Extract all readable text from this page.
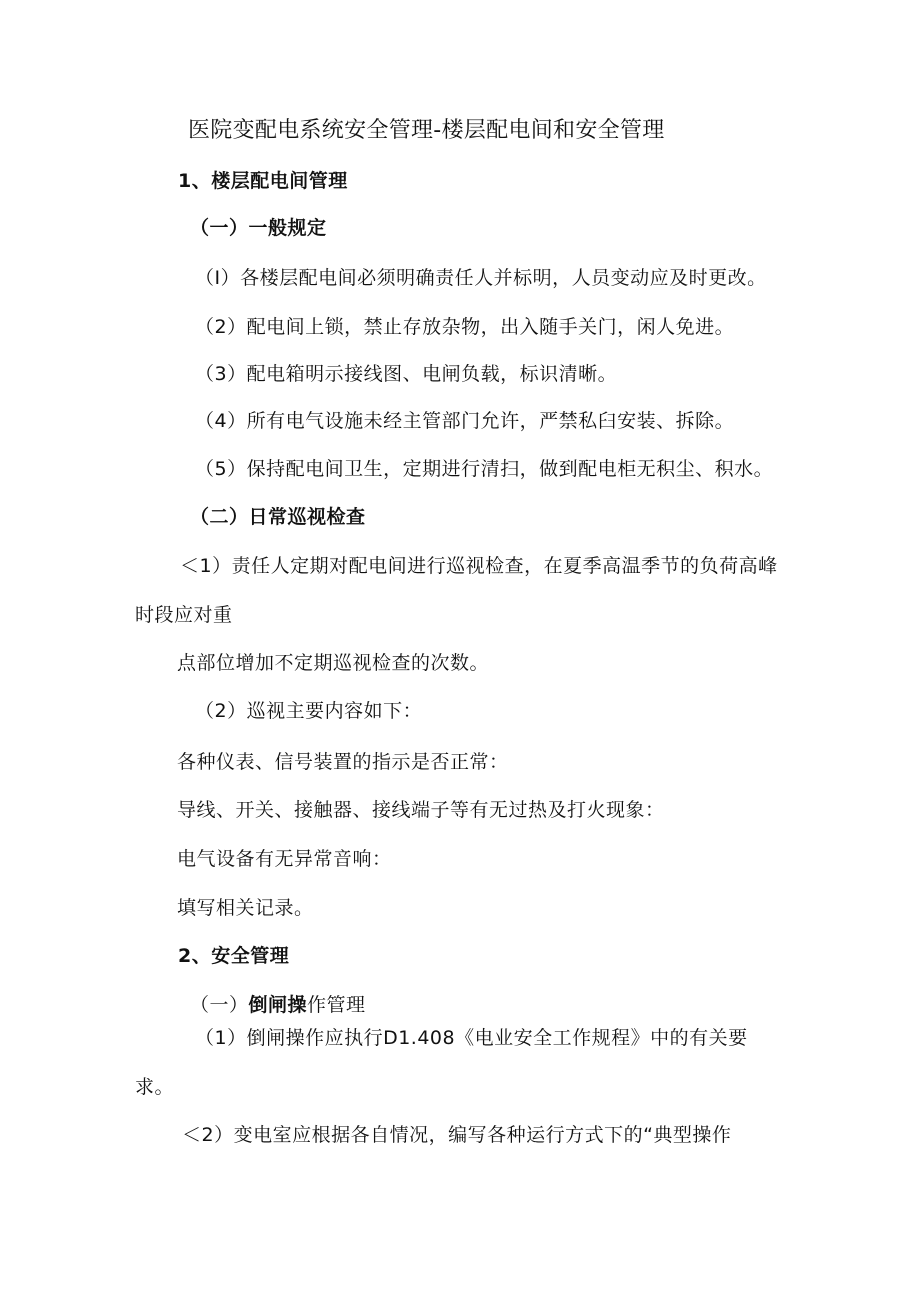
医院变配电系统安全管理-楼层配电间和安全管理
1、楼层配电间管理
（一）一般规定
（I）各楼层配电间必须明确责任人并标明，人员变动应及时更改。
（2）配电间上锁，禁止存放杂物，出入随手关门，闲人免进。
（3）配电箱明示接线图、电闸负载，标识清晰。
（4）所有电气设施未经主管部门允许，严禁私臼安装、拆除。
（5）保持配电间卫生，定期进行清扫，做到配电柜无积尘、积水。
（二）日常巡视检查
＜1）责任人定期对配电间进行巡视检查，在夏季高温季节的负荷高峰
时段应对重
点部位增加不定期巡视检查的次数。
（2）巡视主要内容如下：
各种仪表、信号装置的指示是否正常：
导线、开关、接触器、接线端子等有无过热及打火现象：
电气设备有无异常音响：
填写相关记录。
2、安全管理
（一）倒闸操作管理
（1）倒闸操作应执行D1.408《电业安全工作规程》中的有关要
求。
＜2）变电室应根据各自情况，编写各种运行方式下的“典型操作
